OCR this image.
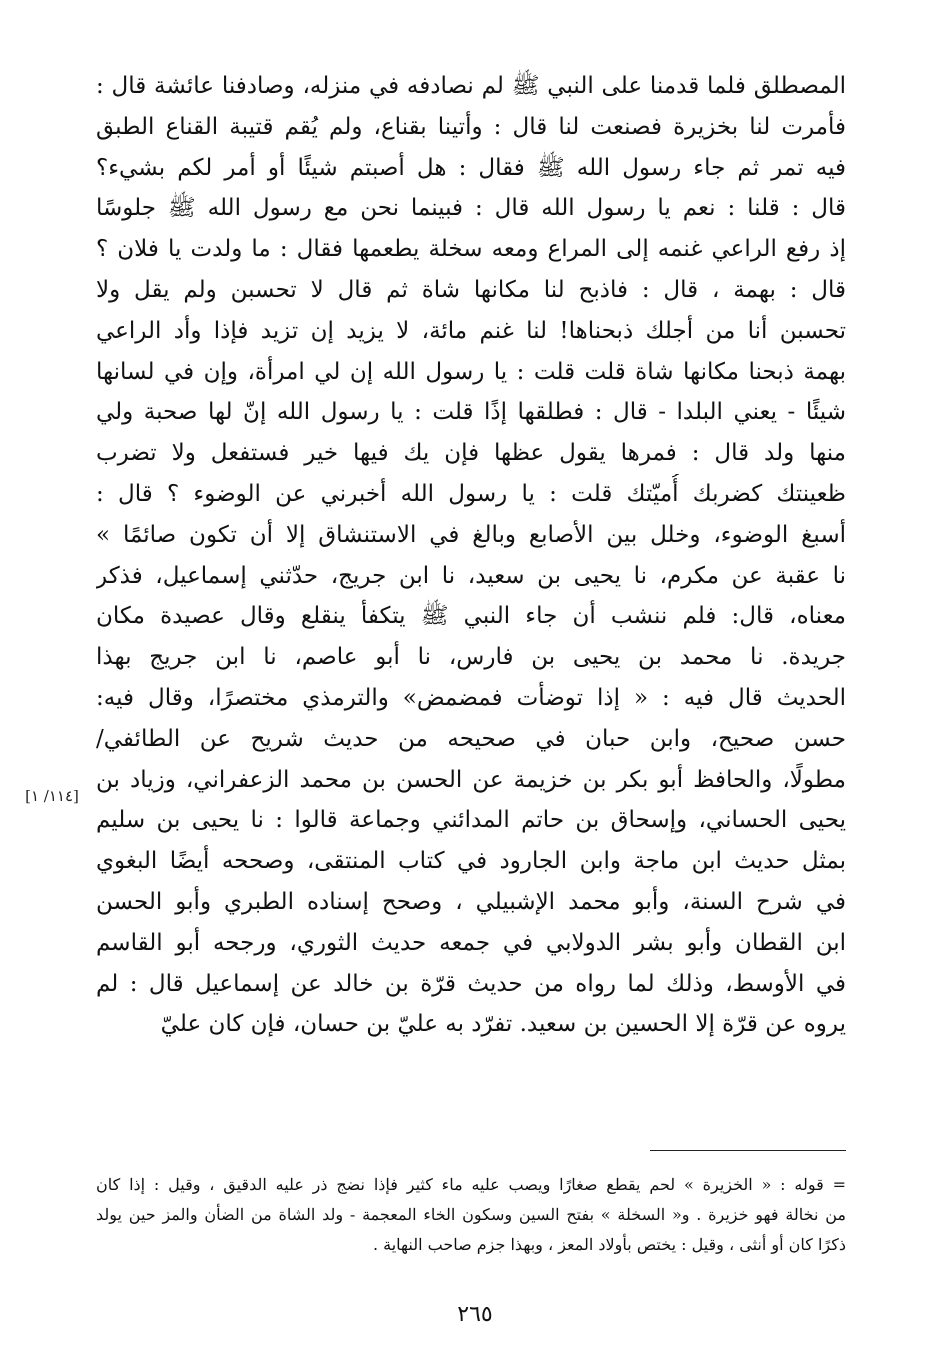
المصطلق فلما قدمنا على النبي ﷺ لم نصادفه في منزله، وصادفنا عائشة قال :
فأمرت لنا بخزيرة فصنعت لنا قال : وأتينا بقناع، ولم يُقم قتيبة القناع الطبق
فيه تمر ثم جاء رسول الله ﷺ فقال : هل أصبتم شيئًا أو أمر لكم بشيء؟
قال : قلنا : نعم يا رسول الله قال : فبينما نحن مع رسول الله ﷺ جلوسًا
إذ رفع الراعي غنمه إلى المراع ومعه سخلة يطعمها فقال : ما ولدت يا فلان ؟
قال : بهمة ، قال : فاذبح لنا مكانها شاة ثم قال لا تحسبن ولم يقل ولا
تحسبن أنا من أجلك ذبحناها! لنا غنم مائة، لا يزيد إن تزيد فإذا وأد الراعي
بهمة ذبحنا مكانها شاة قلت قلت : يا رسول الله إن لي امرأة، وإن في لسانها
شيئًا - يعني البلدا - قال : فطلقها إذًا قلت : يا رسول الله إنّ لها صحبة ولي
منها ولد قال : فمرها يقول عظها فإن يك فيها خير فستفعل ولا تضرب
ظعينتك كضربك أُميّتك قلت : يا رسول الله أخبرني عن الوضوء ؟ قال :
أسبغ الوضوء، وخلل بين الأصابع وبالغ في الاستنشاق إلا أن تكون صائمًا »
نا عقبة عن مكرم، نا يحيى بن سعيد، نا ابن جريج، حدّثني إسماعيل، فذكر
معناه، قال: فلم ننشب أن جاء النبي ﷺ يتكفأ ينقلع وقال عصيدة مكان
جريدة. نا محمد بن يحيى بن فارس، نا أبو عاصم، نا ابن جريج بهذا
الحديث قال فيه : « إذا توضأت فمضمض» والترمذي مختصرًا، وقال فيه:
حسن صحيح، وابن حبان في صحيحه من حديث شريح عن الطائفي/
مطولًا، والحافظ أبو بكر بن خزيمة عن الحسن بن محمد الزعفراني، وزياد بن
يحيى الحساني، وإسحاق بن حاتم المدائني وجماعة قالوا : نا يحيى بن سليم
بمثل حديث ابن ماجة وابن الجارود في كتاب المنتقى، وصححه أيضًا البغوي
في شرح السنة، وأبو محمد الإشبيلي ، وصحح إسناده الطبري وأبو الحسن
ابن القطان وأبو بشر الدولابي في جمعه حديث الثوري، ورجحه أبو القاسم
في الأوسط، وذلك لما رواه من حديث قرّة بن خالد عن إسماعيل قال : لم
يروه عن قرّة إلا الحسين بن سعيد. تفرّد به عليّ بن حسان، فإن كان عليّ
[١١٤/ ١]
= قوله : « الخزيرة » لحم يقطع صغارًا ويصب عليه ماء كثير فإذا نضج ذر عليه الدقيق ، وقيل : إذا كان
من نخالة فهو خزيرة . و« السخلة » بفتح السين وسكون الخاء المعجمة - ولد الشاة من الضأن والمز حين يولد
ذكرًا كان أو أنثى ، وقيل : يختص بأولاد المعز ، وبهذا جزم صاحب النهاية .
٢٦٥
